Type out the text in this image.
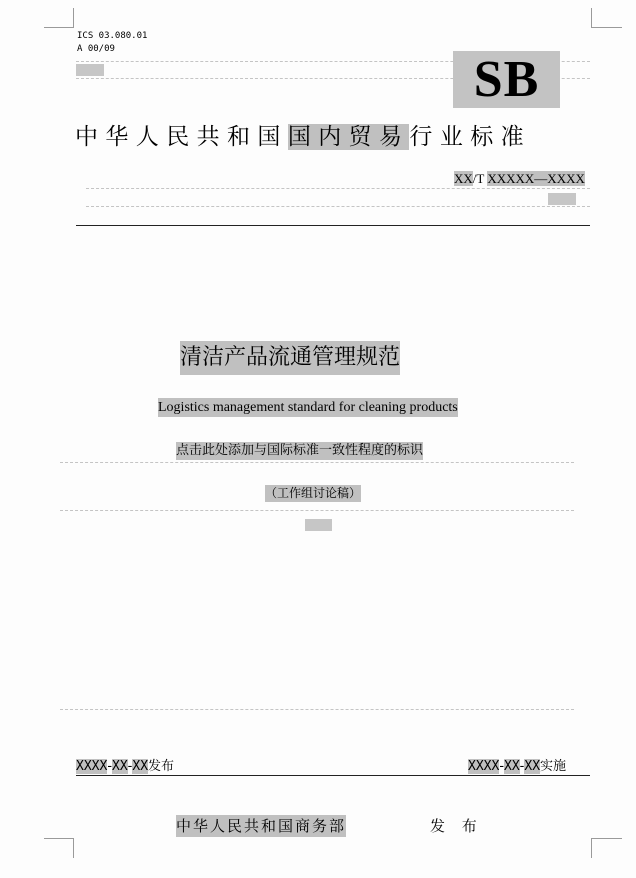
ICS 03.080.01
A 00/09
SB
中华人民共和国国内贸易行业标准
XX/T XXXXX—XXXX
清洁产品流通管理规范
Logistics management standard for cleaning products
点击此处添加与国际标准一致性程度的标识
（工作组讨论稿）
XXXX-XX-XX发布	XXXX-XX-XX实施
中华人民共和国商务部	发 布
